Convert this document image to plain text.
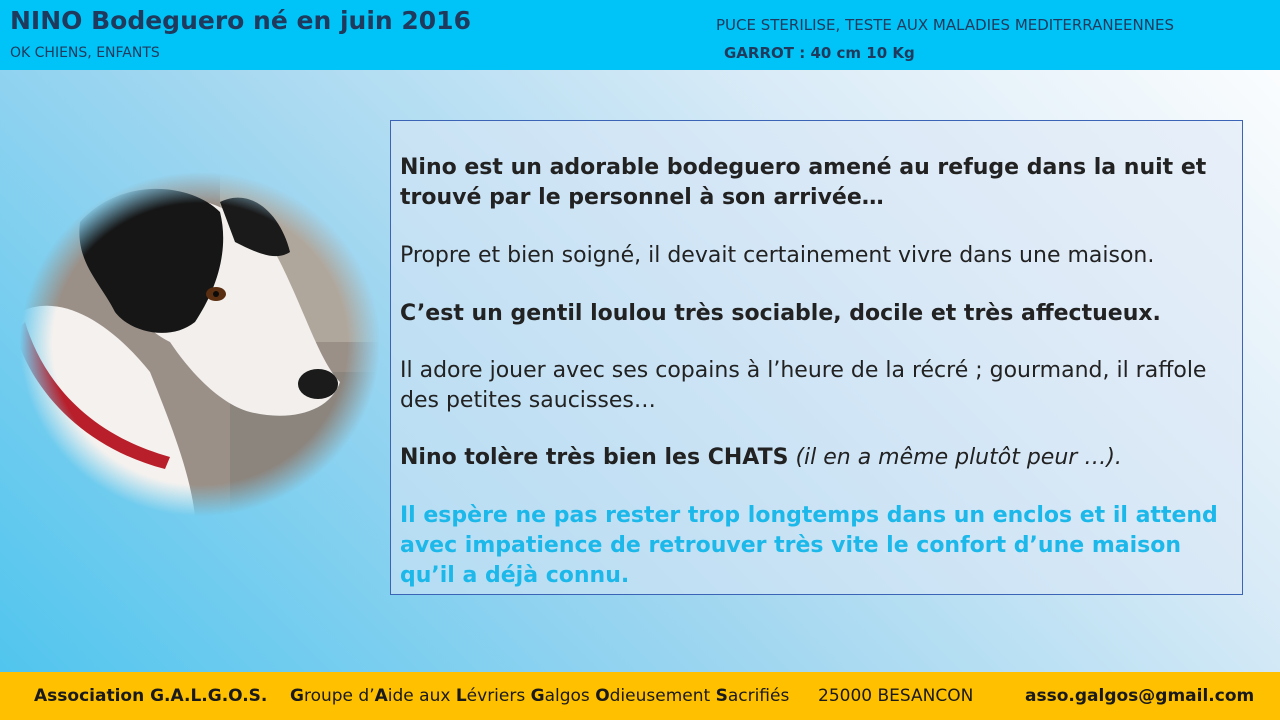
NINO Bodeguero né en juin 2016
OK CHIENS, ENFANTS
PUCE STERILISE, TESTE AUX MALADIES MEDITERRANEENNES
GARROT : 40 cm 10 Kg
Nino est un adorable bodeguero amené au refuge dans la nuit et trouvé par le personnel à son arrivée…
Propre et bien soigné, il devait certainement vivre dans une maison.
C’est un gentil loulou très sociable, docile et très affectueux.
Il adore jouer avec ses copains à l’heure de la récré ; gourmand, il raffole des petites saucisses…
Nino tolère très bien les CHATS (il en a même plutôt peur …).
Il espère ne pas rester trop longtemps dans un enclos et il attend avec impatience de retrouver très vite le confort d’une maison qu’il a déjà connu.
Association G.A.L.G.O.S. Groupe d’Aide aux Lévriers Galgos Odieusement Sacrifiés 25000 BESANCON	asso.galgos@gmail.com
